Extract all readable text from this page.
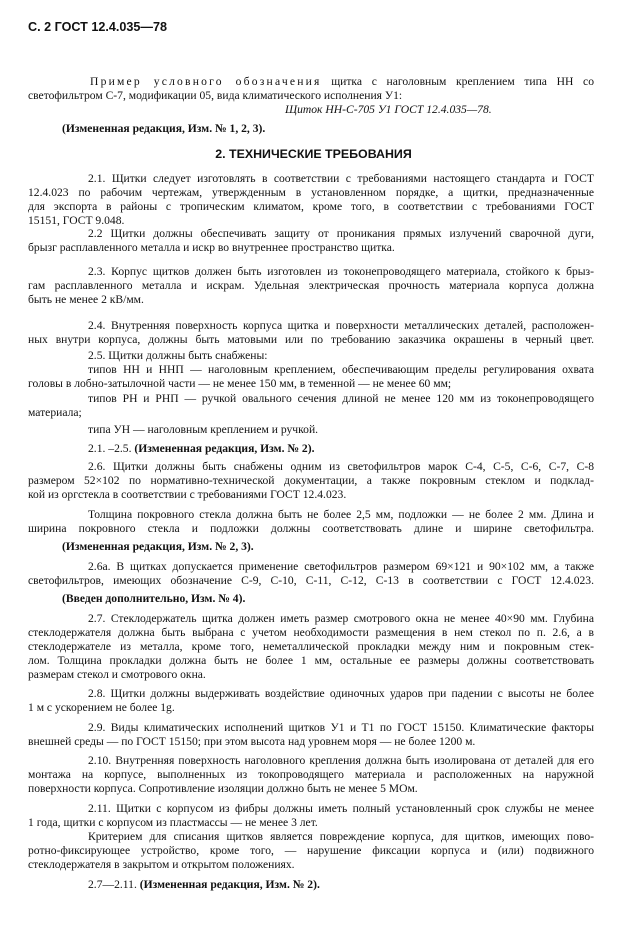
С. 2 ГОСТ 12.4.035—78
Пример условного обозначения щитка с наголовным креплением типа НН со
светофильтром С-7, модификации 05, вида климатического исполнения У1:
Щиток НН-С-705 У1 ГОСТ 12.4.035—78.
(Измененная редакция, Изм. № 1, 2, 3).
2. ТЕХНИЧЕСКИЕ ТРЕБОВАНИЯ
2.1. Щитки следует изготовлять в соответствии с требованиями настоящего стандарта и ГОСТ
12.4.023 по рабочим чертежам, утвержденным в установленном порядке, а щитки, предназначенные
для экспорта в районы с тропическим климатом, кроме того, в соответствии с требованиями ГОСТ
15151, ГОСТ 9.048.
2.2 Щитки должны обеспечивать защиту от проникания прямых излучений сварочной дуги,
брызг расплавленного металла и искр во внутреннее пространство щитка.
2.3. Корпус щитков должен быть изготовлен из токонепроводящего материала, стойкого к брыз-
гам расплавленного металла и искрам. Удельная электрическая прочность материала корпуса должна
быть не менее 2 кВ/мм.
2.4. Внутренняя поверхность корпуса щитка и поверхности металлических деталей, расположен-
ных внутри корпуса, должны быть матовыми или по требованию заказчика окрашены в черный цвет.
2.5. Щитки должны быть снабжены:
типов НН и ННП — наголовным креплением, обеспечивающим пределы регулирования охвата
головы в лобно-затылочной части — не менее 150 мм, в теменной — не менее 60 мм;
типов РН и РНП — ручкой овального сечения длиной не менее 120 мм из токонепроводящего
материала;
типа УН — наголовным креплением и ручкой.
2.1. –2.5. (Измененная редакция, Изм. № 2).
2.6. Щитки должны быть снабжены одним из светофильтров марок С-4, С-5, С-6, С-7, С-8
размером 52×102 по нормативно-технической документации, а также покровным стеклом и подклад-
кой из оргстекла в соответствии с требованиями ГОСТ 12.4.023.
Толщина покровного стекла должна быть не более 2,5 мм, подложки — не более 2 мм. Длина и
ширина покровного стекла и подложки должны соответствовать длине и ширине светофильтра.
(Измененная редакция, Изм. № 2, 3).
2.6а. В щитках допускается применение светофильтров размером 69×121 и 90×102 мм, а также
светофильтров, имеющих обозначение С-9, С-10, С-11, С-12, С-13 в соответствии с ГОСТ 12.4.023.
(Введен дополнительно, Изм. № 4).
2.7. Стеклодержатель щитка должен иметь размер смотрового окна не менее 40×90 мм. Глубина
стеклодержателя должна быть выбрана с учетом необходимости размещения в нем стекол по п. 2.6, а в
стеклодержателе из металла, кроме того, неметаллической прокладки между ним и покровным стек-
лом. Толщина прокладки должна быть не более 1 мм, остальные ее размеры должны соответствовать
размерам стекол и смотрового окна.
2.8. Щитки должны выдерживать воздействие одиночных ударов при падении с высоты не более
1 м с ускорением не более 1g.
2.9. Виды климатических исполнений щитков У1 и Т1 по ГОСТ 15150. Климатические факторы
внешней среды — по ГОСТ 15150; при этом высота над уровнем моря — не более 1200 м.
2.10. Внутренняя поверхность наголовного крепления должна быть изолирована от деталей для его
монтажа на корпусе, выполненных из токопроводящего материала и расположенных на наружной
поверхности корпуса. Сопротивление изоляции должно быть не менее 5 МОм.
2.11. Щитки с корпусом из фибры должны иметь полный установленный срок службы не менее
1 года, щитки с корпусом из пластмассы — не менее 3 лет.
Критерием для списания щитков является повреждение корпуса, для щитков, имеющих пово-
ротно-фиксирующее устройство, кроме того, — нарушение фиксации корпуса и (или) подвижного
стеклодержателя в закрытом и открытом положениях.
2.7—2.11. (Измененная редакция, Изм. № 2).
